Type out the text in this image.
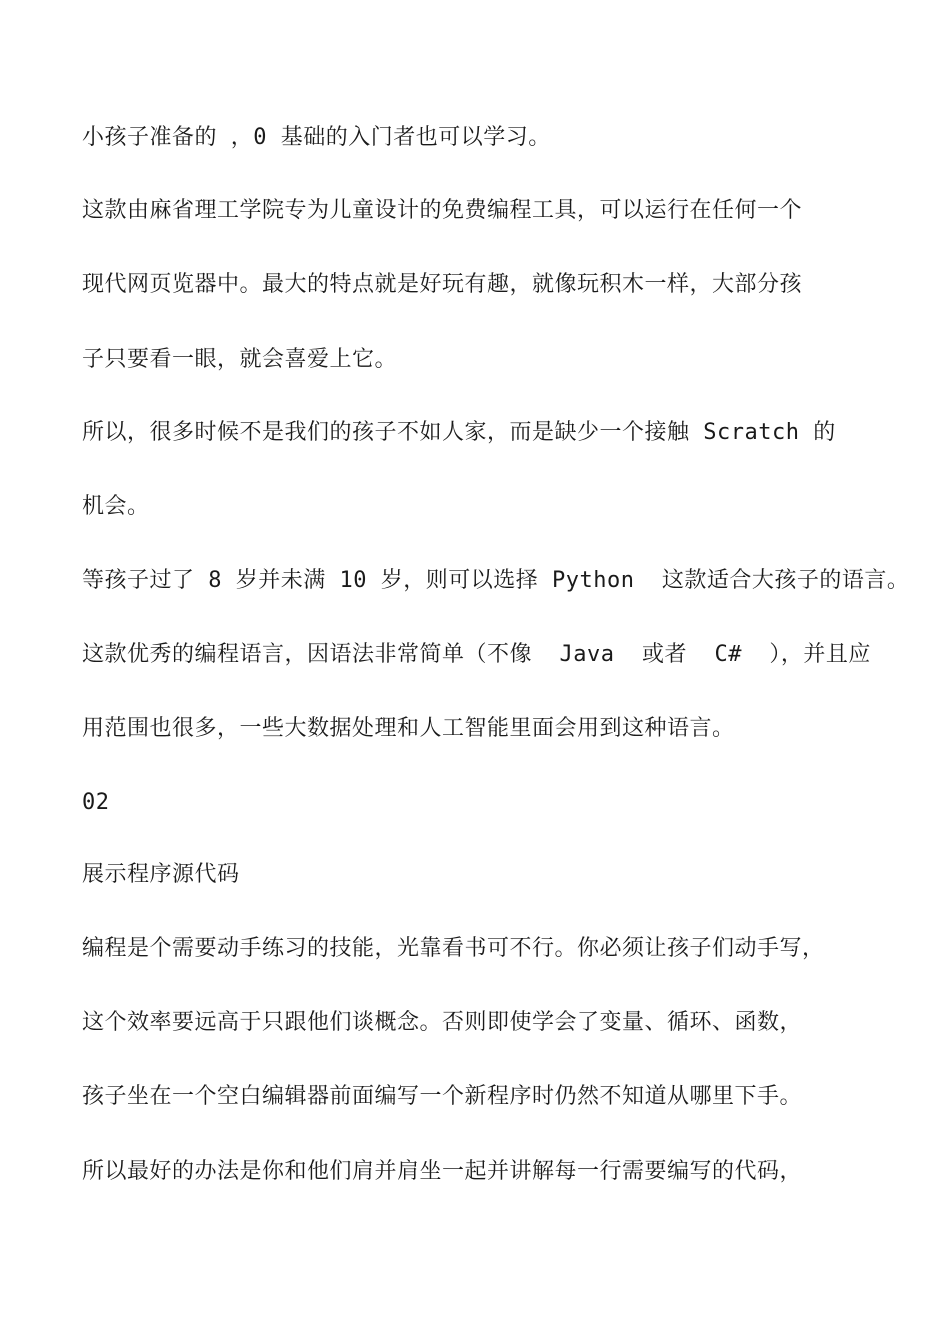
小孩子准备的 ，0 基础的入门者也可以学习。
这款由麻省理工学院专为儿童设计的免费编程工具，可以运行在任何一个
现代网页览器中。最大的特点就是好玩有趣，就像玩积木一样，大部分孩
子只要看一眼，就会喜爱上它。
所以，很多时候不是我们的孩子不如人家，而是缺少一个接触 Scratch 的
机会。
等孩子过了 8 岁并未满 10 岁，则可以选择 Python  这款适合大孩子的语言。
这款优秀的编程语言，因语法非常简单（不像  Java  或者  C#  ），并且应
用范围也很多，一些大数据处理和人工智能里面会用到这种语言。
02
展示程序源代码
编程是个需要动手练习的技能，光靠看书可不行。你必须让孩子们动手写，
这个效率要远高于只跟他们谈概念。否则即使学会了变量、循环、函数，
孩子坐在一个空白编辑器前面编写一个新程序时仍然不知道从哪里下手。
所以最好的办法是你和他们肩并肩坐一起并讲解每一行需要编写的代码，
